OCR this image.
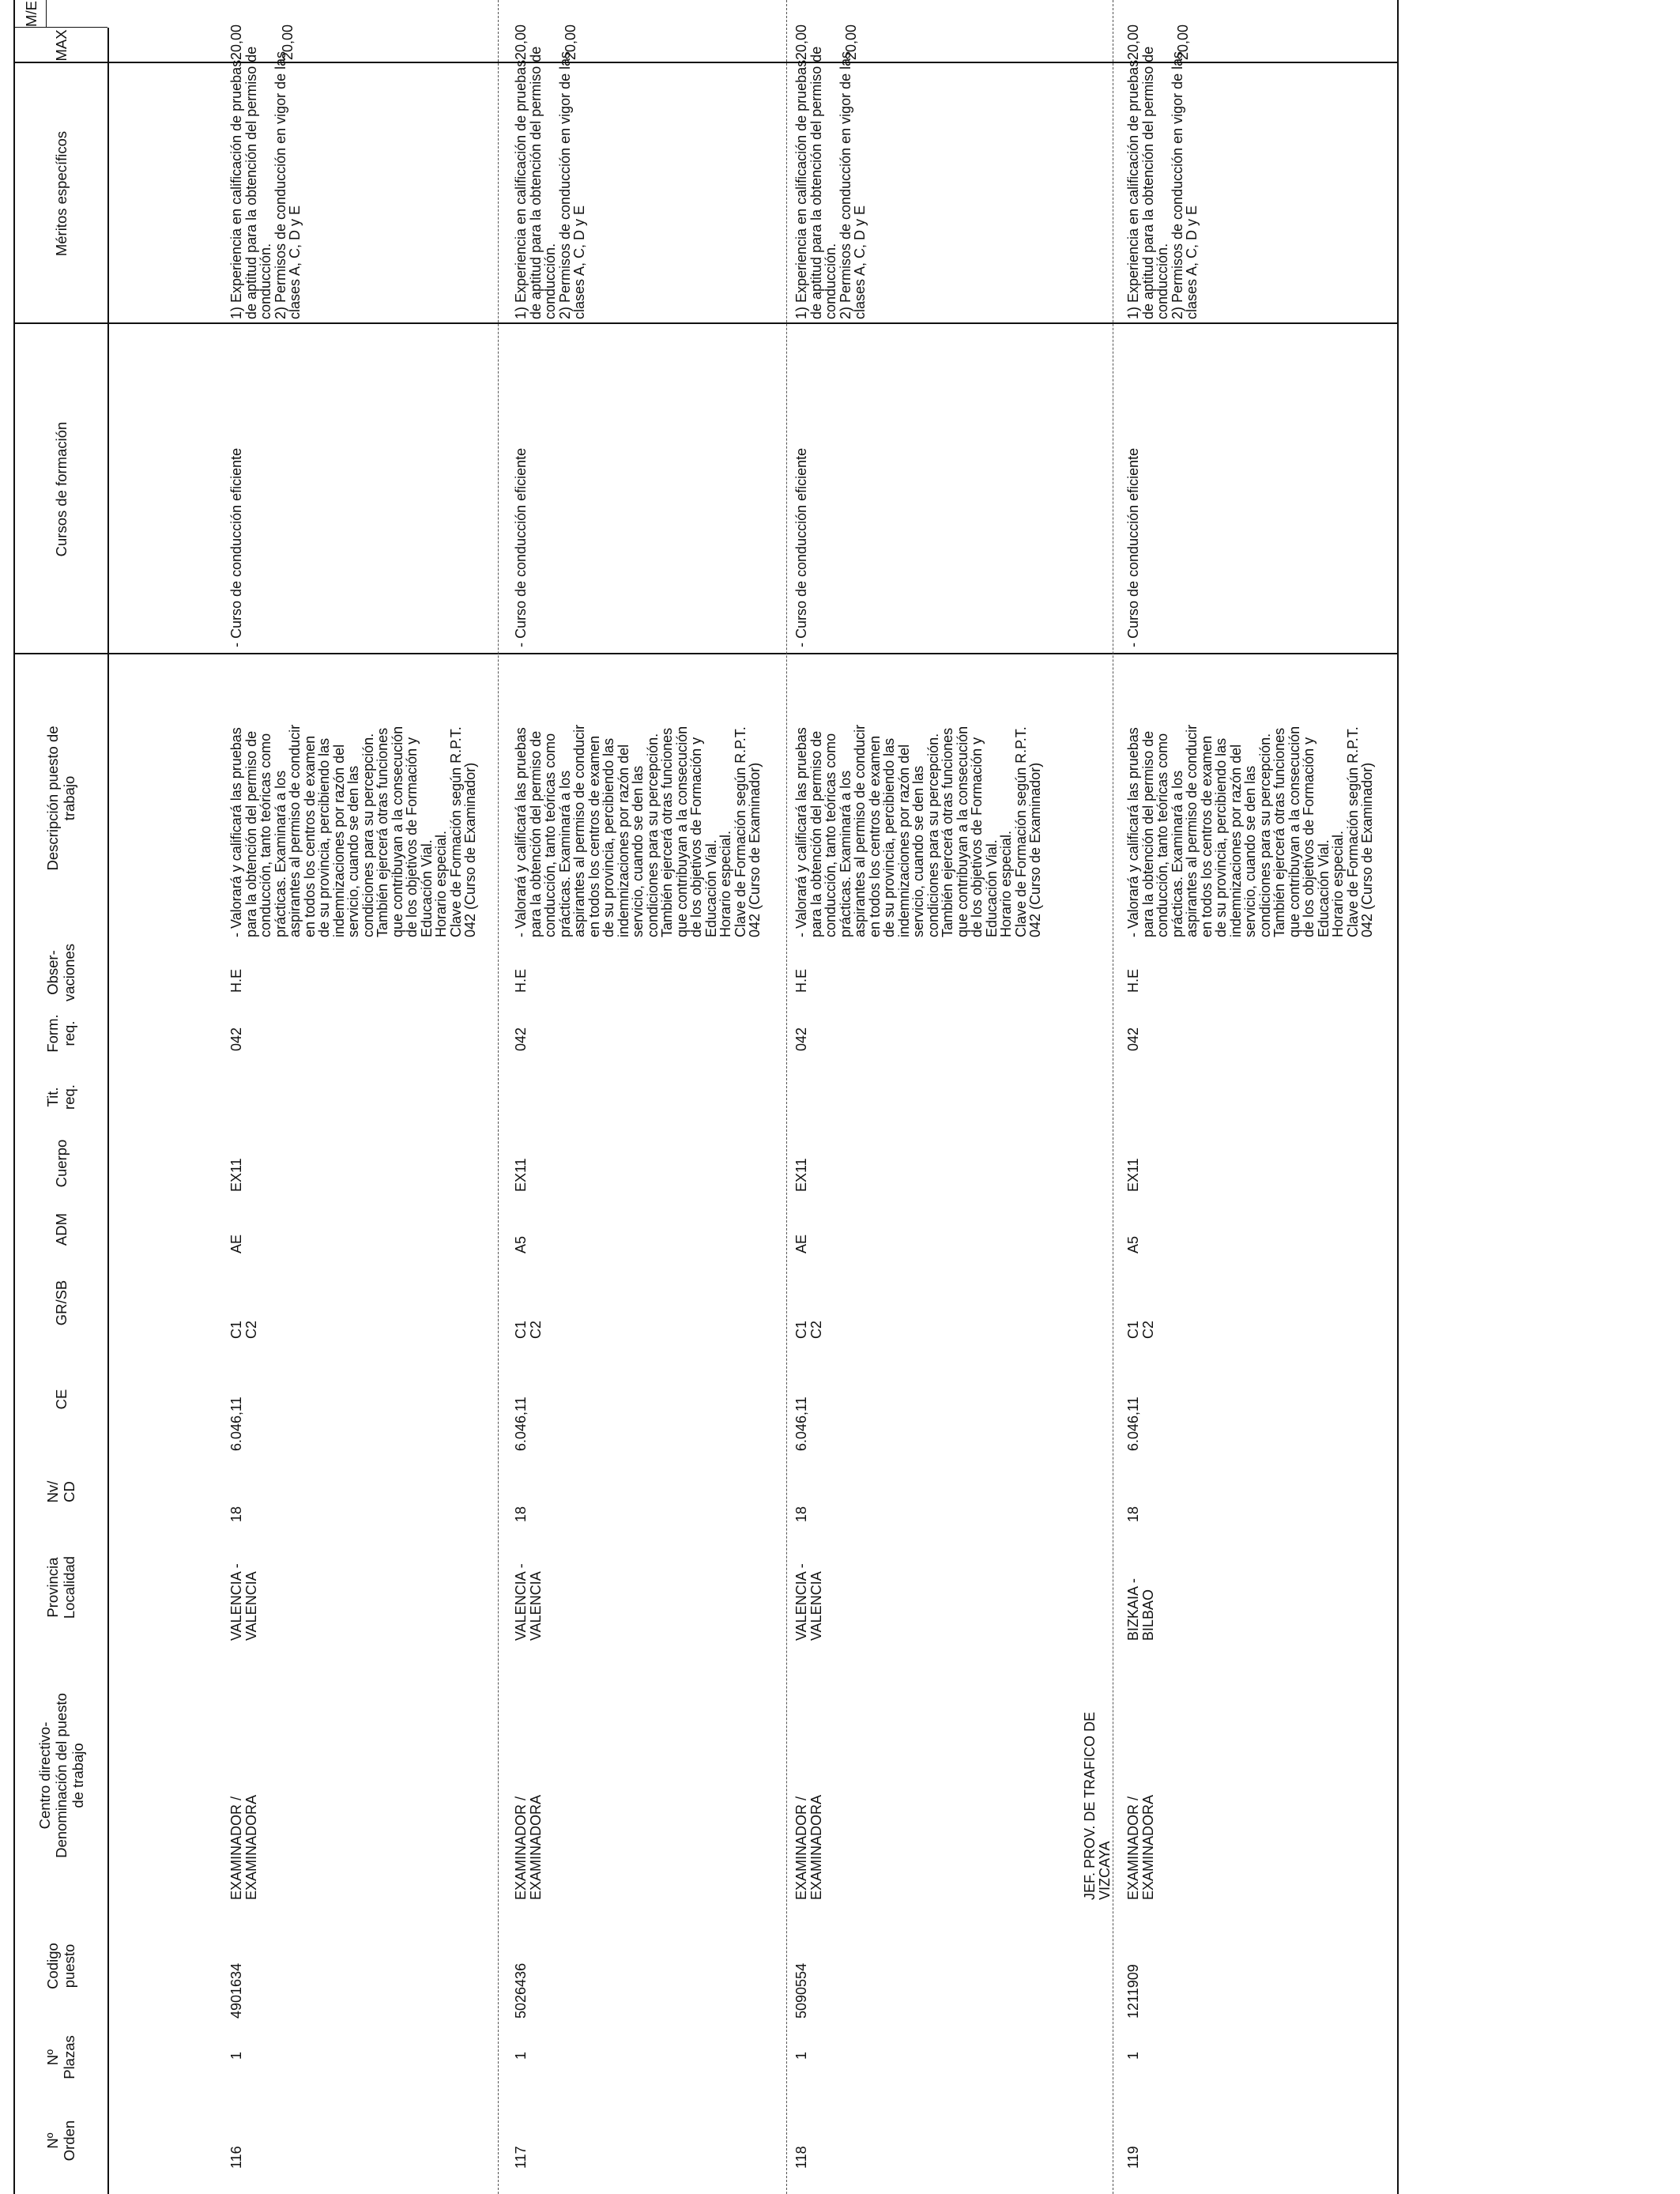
Nº
Orden
Nº
Plazas
Codigo
puesto
Centro directivo-
Denominación del puesto
de trabajo
Provincia
Localidad
Nv/
CD
CE
GR/SB
ADM
Cuerpo
Tit.
req.
Form.
req.
Obser-
vaciones
Descripción puesto de
trabajo
Cursos de formación
Méritos específicos
MAX
M/E
116
1
4901634
EXAMINADOR /
EXAMINADORA
VALENCIA -
VALENCIA
18
6.046,11
C1
C2
AE
EX11
042
H.E
- Valorará y calificará las pruebas
para la obtención del permiso de
conducción, tanto teóricas como
prácticas. Examinará a los
aspirantes al permiso de conducir
en todos los centros de examen
de su provincia, percibiendo las
indemnizaciones por razón del
servicio, cuando se den las
condiciones para su percepción.
También ejercerá otras funciones
que contribuyan a la consecución
de los objetivos de Formación y
Educación Vial.
Horario especial.
Clave de Formación según R.P.T.
042 (Curso de Examinador)
- Curso de conducción eficiente
1) Experiencia en calificación de pruebas
de aptitud para la obtención del permiso de
conducción.
2) Permisos de conducción en vigor de las
clases A, C, D y E
20,00	20,00
117
1
5026436
EXAMINADOR /
EXAMINADORA
VALENCIA -
VALENCIA
18
6.046,11
C1
C2
A5
EX11
042
H.E
- Valorará y calificará las pruebas
para la obtención del permiso de
conducción, tanto teóricas como
prácticas. Examinará a los
aspirantes al permiso de conducir
en todos los centros de examen
de su provincia, percibiendo las
indemnizaciones por razón del
servicio, cuando se den las
condiciones para su percepción.
También ejercerá otras funciones
que contribuyan a la consecución
de los objetivos de Formación y
Educación Vial.
Horario especial.
Clave de Formación según R.P.T.
042 (Curso de Examinador)
- Curso de conducción eficiente
1) Experiencia en calificación de pruebas
de aptitud para la obtención del permiso de
conducción.
2) Permisos de conducción en vigor de las
clases A, C, D y E
20,00 20,00
118
1
5090554
EXAMINADOR /
EXAMINADORA
VALENCIA -
VALENCIA
18
6.046,11
C1
C2
AE
EX11
042
H.E
- Valorará y calificará las pruebas
para la obtención del permiso de
conducción, tanto teóricas como
prácticas. Examinará a los
aspirantes al permiso de conducir
en todos los centros de examen
de su provincia, percibiendo las
indemnizaciones por razón del
servicio, cuando se den las
condiciones para su percepción.
También ejercerá otras funciones
que contribuyan a la consecución
de los objetivos de Formación y
Educación Vial.
Horario especial.
Clave de Formación según R.P.T.
042 (Curso de Examinador)
- Curso de conducción eficiente
1) Experiencia en calificación de pruebas
de aptitud para la obtención del permiso de
conducción.
2) Permisos de conducción en vigor de las
clases A, C, D y E
20,00 20,00
JEF. PROV. DE TRAFICO DE
VIZCAYA
119
1
1211909
EXAMINADOR /
EXAMINADORA
BIZKAIA -
BILBAO
18
6.046,11
C1
C2
A5
EX11
042
H.E
- Valorará y calificará las pruebas
para la obtención del permiso de
conducción, tanto teóricas como
prácticas. Examinará a los
aspirantes al permiso de conducir
en todos los centros de examen
de su provincia, percibiendo las
indemnizaciones por razón del
servicio, cuando se den las
condiciones para su percepción.
También ejercerá otras funciones
que contribuyan a la consecución
de los objetivos de Formación y
Educación Vial.
Horario especial.
Clave de Formación según R.P.T.
042 (Curso de Examinador)
- Curso de conducción eficiente
1) Experiencia en calificación de pruebas
de aptitud para la obtención del permiso de
conducción.
2) Permisos de conducción en vigor de las
clases A, C, D y E
20,00 20,00
